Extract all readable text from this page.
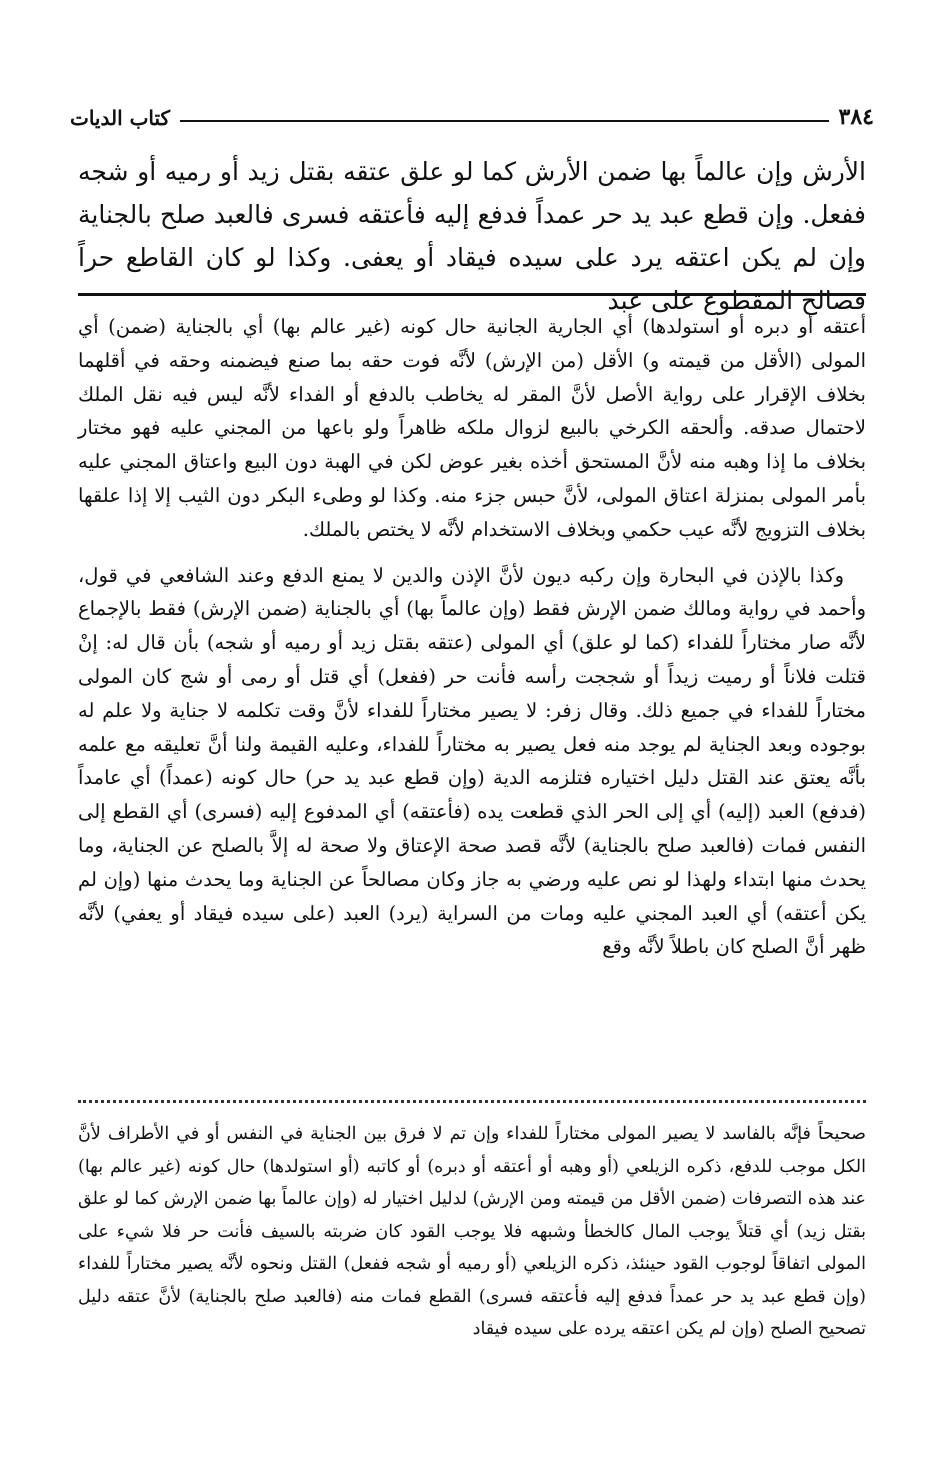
٣٨٤
كتاب الديات

الأرش وإن عالماً بها ضمن الأرش كما لو علق عتقه بقتل زيد أو رميه أو شجه ففعل. وإن قطع عبد يد حر عمداً فدفع إليه فأعتقه فسرى فالعبد صلح بالجناية وإن لم يكن اعتقه يرد على سيده فيقاد أو يعفى. وكذا لو كان القاطع حراً فصالح المقطوع على عبد

أعتقه أو دبره أو استولدها) أي الجارية الجانية حال كونه (غير عالم بها) أي بالجناية (ضمن) أي المولى (الأقل من قيمته و) الأقل (من الإرش) لأنَّه فوت حقه بما صنع فيضمنه وحقه في أقلهما بخلاف الإقرار على رواية الأصل لأنَّ المقر له يخاطب بالدفع أو الفداء لأنَّه ليس فيه نقل الملك لاحتمال صدقه. وألحقه الكرخي بالبيع لزوال ملكه ظاهراً ولو باعها من المجني عليه فهو مختار بخلاف ما إذا وهبه منه لأنَّ المستحق أخذه بغير عوض لكن في الهبة دون البيع واعتاق المجني عليه بأمر المولى بمنزلة اعتاق المولى، لأنَّ حبس جزء منه. وكذا لو وطىء البكر دون الثيب إلا إذا علقها بخلاف التزويج لأنَّه عيب حكمي وبخلاف الاستخدام لأنَّه لا يختص بالملك.

وكذا بالإذن في البحارة وإن ركبه ديون لأنَّ الإذن والدين لا يمنع الدفع وعند الشافعي في قول، وأحمد في رواية ومالك ضمن الإرش فقط (وإن عالماً بها) أي بالجناية (ضمن الإرش) فقط بالإجماع لأنَّه صار مختاراً للفداء (كما لو علق) أي المولى (عتقه بقتل زيد أو رميه أو شجه) بأن قال له: إنْ قتلت فلاناً أو رميت زيداً أو شججت رأسه فأنت حر (ففعل) أي قتل أو رمى أو شج كان المولى مختاراً للفداء في جميع ذلك. وقال زفر: لا يصير مختاراً للفداء لأنَّ وقت تكلمه لا جناية ولا علم له بوجوده وبعد الجناية لم يوجد منه فعل يصير به مختاراً للفداء، وعليه القيمة ولنا أنَّ تعليقه مع علمه بأنَّه يعتق عند القتل دليل اختياره فتلزمه الدية (وإن قطع عبد يد حر) حال كونه (عمداً) أي عامداً (فدفع) العبد (إليه) أي إلى الحر الذي قطعت يده (فأعتقه) أي المدفوع إليه (فسرى) أي القطع إلى النفس فمات (فالعبد صلح بالجناية) لأنَّه قصد صحة الإعتاق ولا صحة له إلاَّ بالصلح عن الجناية، وما يحدث منها ابتداء ولهذا لو نص عليه ورضي به جاز وكان مصالحاً عن الجناية وما يحدث منها (وإن لم يكن أعتقه) أي العبد المجني عليه ومات من السراية (يرد) العبد (على سيده فيقاد أو يعفي) لأنَّه ظهر أنَّ الصلح كان باطلاً لأنَّه وقع

صحيحاً فإنَّه بالفاسد لا يصير المولى مختاراً للفداء وإن تم لا فرق بين الجناية في النفس أو في الأطراف لأنَّ الكل موجب للدفع، ذكره الزيلعي (أو وهبه أو أعتقه أو دبره) أو كاتبه (أو استولدها) حال كونه (غير عالم بها) عند هذه التصرفات (ضمن الأقل من قيمته ومن الإرش) لدليل اختيار له (وإن عالماً بها ضمن الإرش كما لو علق بقتل زيد) أي قتلاً يوجب المال كالخطأ وشبهه فلا يوجب القود كان ضربته بالسيف فأنت حر فلا شيء على المولى اتفاقاً لوجوب القود حينئذ، ذكره الزيلعي (أو رميه أو شجه ففعل) القتل ونحوه لأنَّه يصير مختاراً للفداء (وإن قطع عبد يد حر عمداً فدفع إليه فأعتقه فسرى) القطع فمات منه (فالعبد صلح بالجناية) لأنَّ عتقه دليل تصحيح الصلح (وإن لم يكن اعتقه يرده على سيده فيقاد
